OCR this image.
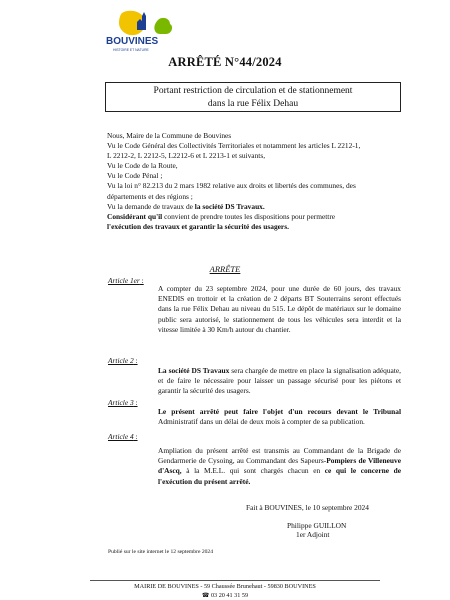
BOUVINES
HISTOIRE ET NATURE
ARRÊTÉ N°44/2024
Portant restriction de circulation et de stationnement
dans la rue Félix Dehau

Nous, Maire de la Commune de Bouvines

Vu le Code Général des Collectivités Territoriales et notamment les articles L 2212-1,

L 2212-2, L 2212-5, L2212-6 et L 2213-1 et suivants,

Vu le Code de la Route,

Vu le Code Pénal ;

Vu la loi n° 82.213 du 2 mars 1982 relative aux droits et libertés des communes, des

départements et des régions ;

Vu la demande de travaux de la société DS Travaux.

Considérant qu'il convient de prendre toutes les dispositions pour permettre

l'exécution des travaux et garantir la sécurité des usagers.

ARRÊTE
Article 1er :
A compter du 23 septembre 2024, pour une durée de 60 jours, des travaux ENEDIS en trottoir et la création de 2 départs BT Souterrains seront effectués dans la rue Félix Dehau au niveau du 515. Le dépôt de matériaux sur le domaine public sera autorisé, le stationnement de tous les véhicules sera interdit et la vitesse limitée à 30 Km/h autour du chantier.
Article 2 :
La société DS Travaux sera chargée de mettre en place la signalisation adéquate, et de faire le nécessaire pour laisser un passage sécurisé pour les piétons et garantir la sécurité des usagers.
Article 3 :
Le présent arrêté peut faire l'objet d'un recours devant le Tribunal Administratif dans un délai de deux mois à compter de sa publication.
Article 4 :
Ampliation du présent arrêté est transmis au Commandant de la Brigade de Gendarmerie de Cysoing, au Commandant des Sapeurs-Pompiers de Villeneuve d'Ascq, à la M.E.L. qui sont chargés chacun en ce qui le concerne de l'exécution du présent arrêté.
Fait à BOUVINES, le 10 septembre 2024
Philippe GUILLON
1er Adjoint
Publié sur le site internet le 12 septembre 2024
MAIRIE DE BOUVINES - 59 Chaussée Brunehaut - 59830 BOUVINES
☎ 03 20 41 31 59
